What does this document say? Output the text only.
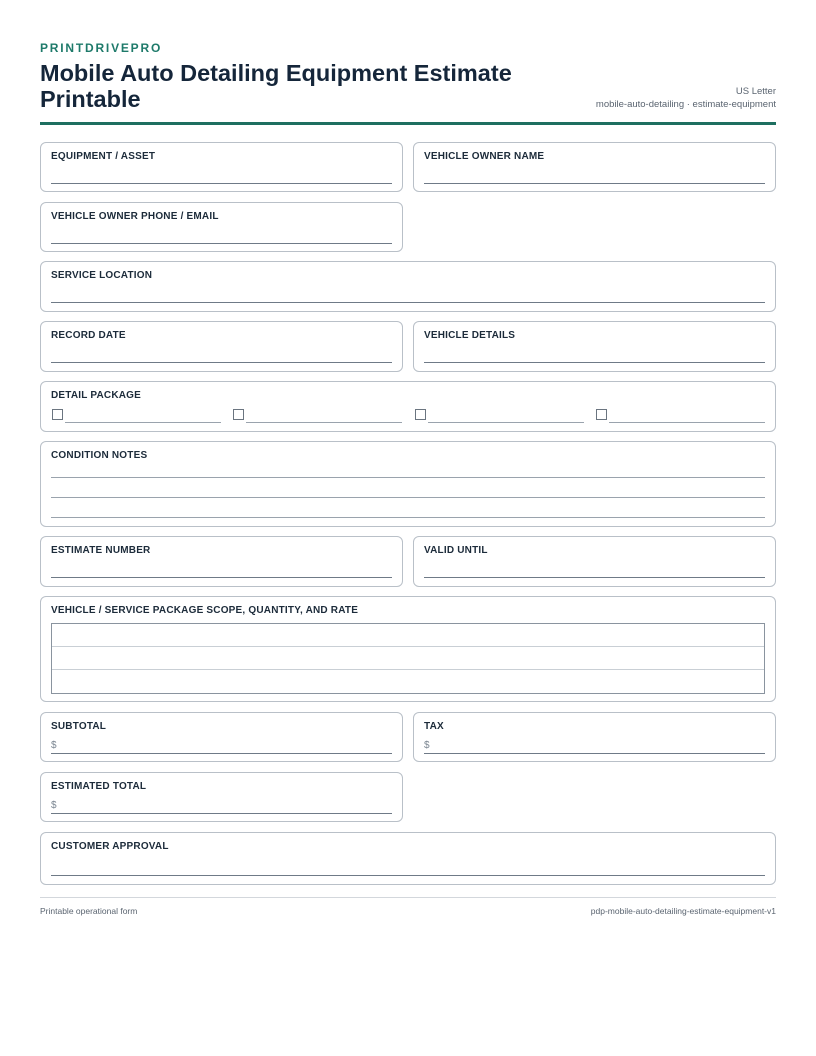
PRINTDRIVEPRO
Mobile Auto Detailing Equipment Estimate Printable	US Letter
mobile-auto-detailing · estimate-equipment
EQUIPMENT / ASSET	VEHICLE OWNER NAME
VEHICLE OWNER PHONE / EMAIL
SERVICE LOCATION
RECORD DATE	VEHICLE DETAILS
DETAIL PACKAGE
CONDITION NOTES
ESTIMATE NUMBER	VALID UNTIL
VEHICLE / SERVICE PACKAGE SCOPE, QUANTITY, AND RATE
SUBTOTAL
$
TAX
$
ESTIMATED TOTAL
$
CUSTOMER APPROVAL
Printable operational form	pdp-mobile-auto-detailing-estimate-equipment-v1
